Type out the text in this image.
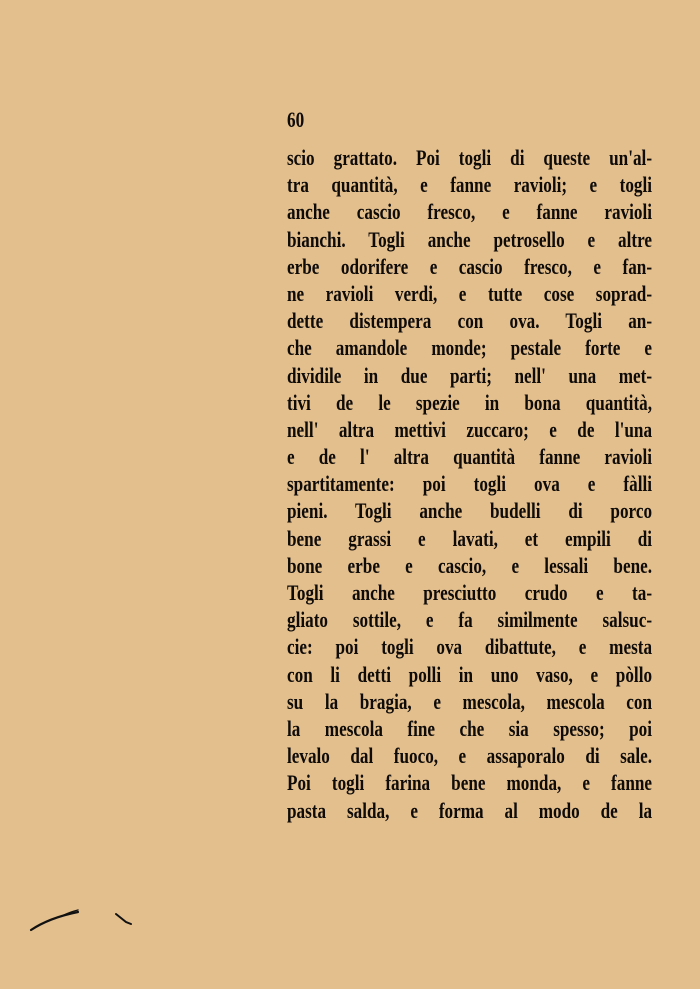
60
scio grattato. Poi togli di queste un'al-
tra quantità, e fanne ravioli; e togli
anche cascio fresco, e fanne ravioli
bianchi. Togli anche petrosello e altre
erbe odorifere e cascio fresco, e fan-
ne ravioli verdi, e tutte cose soprad-
dette distempera con ova. Togli an-
che amandole monde; pestale forte e
dividile in due parti; nell' una met-
tivi de le spezie in bona quantità,
nell' altra mettivi zuccaro; e de l'una
e de l' altra quantità fanne ravioli
spartitamente: poi togli ova e fàlli
pieni. Togli anche budelli di porco
bene grassi e lavati, et empili di
bone erbe e cascio, e lessali bene.
Togli anche presciutto crudo e ta-
gliato sottile, e fa similmente salsuc-
cie: poi togli ova dibattute, e mesta
con li detti polli in uno vaso, e pòllo
su la bragia, e mescola, mescola con
la mescola fine che sia spesso; poi
levalo dal fuoco, e assaporalo di sale.
Poi togli farina bene monda, e fanne
pasta salda, e forma al modo de la
